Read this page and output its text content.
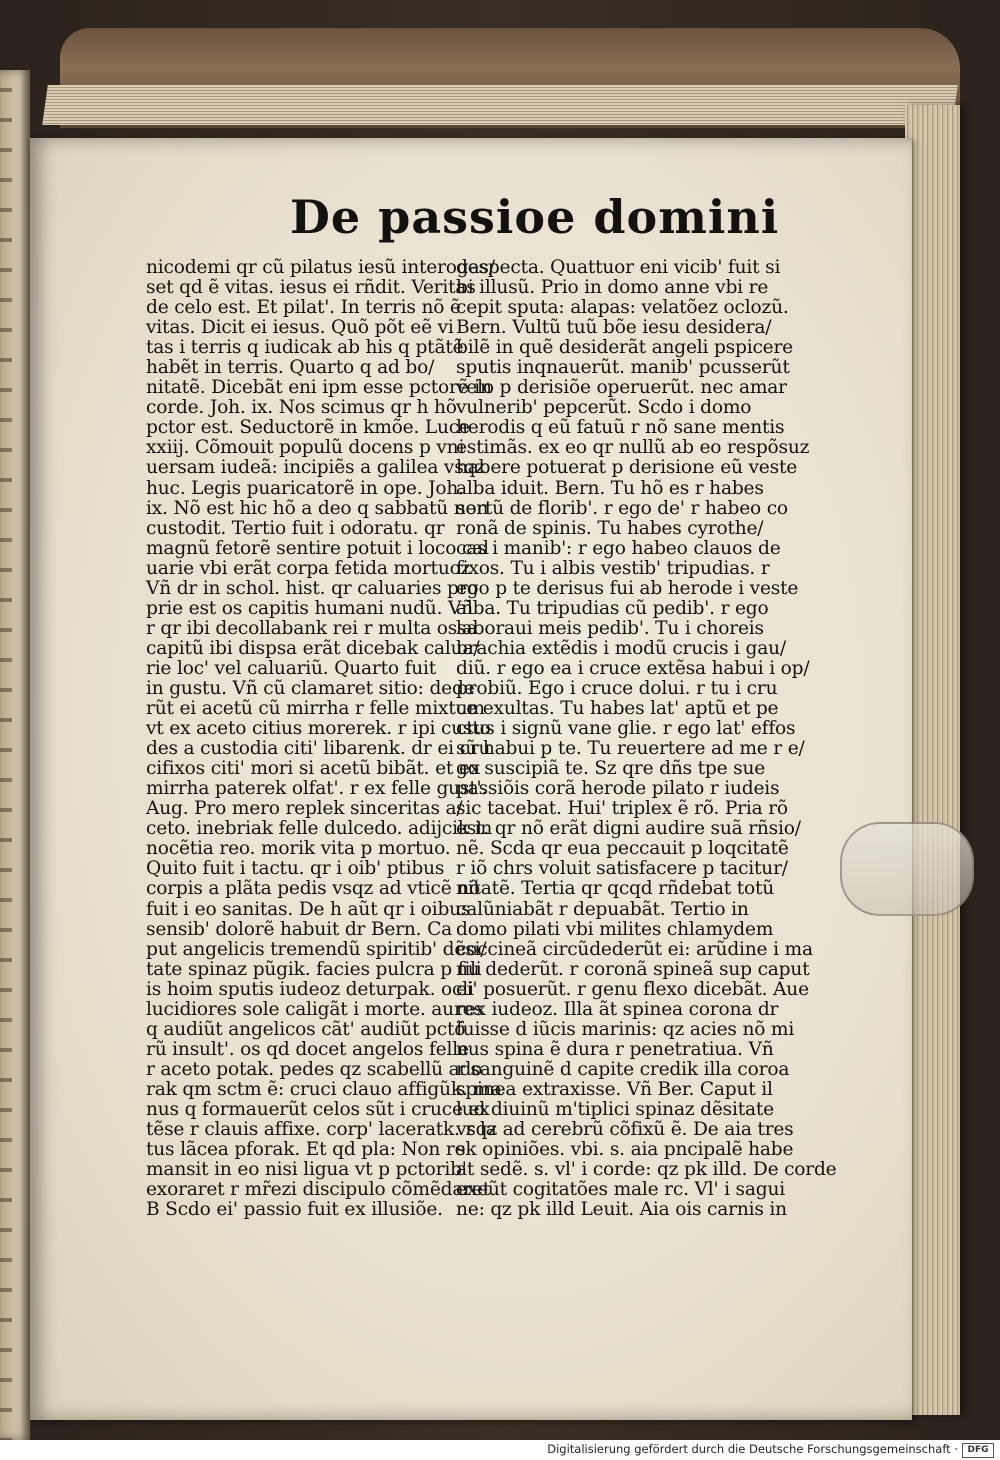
De passioe domini
nicodemi qr cũ pilatus iesũ interogas/
set qd ẽ vitas. iesus ei rñdit. Veritas
de celo est. Et pilat'. In terris nõ ẽ
vitas. Dicit ei iesus. Quõ põt eẽ vi
tas i terris q iudicak ab his q ptãtẽ
habẽt in terris. Quarto q ad bo/
nitatẽ. Dicebãt eni ipm esse pctorẽ in
corde. Joh. ix. Nos scimus qr h hõ
pctor est. Seductorẽ in kmõe. Luce
xxiij. Cõmouit populũ docens p vni
uersam iudeã: incipiẽs a galilea vsqz
huc. Legis puaricatorẽ in ope. Joh.
ix. Nõ est hic hõ a deo q sabbatũ non
custodit. Tertio fuit i odoratu. qr
magnũ fetorẽ sentire potuit i loco cal
uarie vbi erãt corpa fetida mortuoz
Vñ dr in schol. hist. qr caluaries pro
prie est os capitis humani nudũ. Vñ
r qr ibi decollabank rei r multa ossa
capitũ ibi dispsa erãt dicebak calua/
rie loc' vel caluariũ. Quarto fuit
in gustu. Vñ cũ clamaret sitio: dede
rũt ei acetũ cũ mirrha r felle mixtum
vt ex aceto citius morerek. r ipi custo
des a custodia citi' libarenk. dr ei cru
cifixos citi' mori si acetũ bibãt. et ex
mirrha paterek olfat'. r ex felle gust'.
Aug. Pro mero replek sinceritas a/
ceto. inebriak felle dulcedo. adijcik in
nocẽtia reo. morik vita p mortuo.
Quito fuit i tactu. qr i oib' ptibus
corpis a plãta pedis vsqz ad vticẽ nõ
fuit i eo sanitas. De h aũt qr i oibus
sensib' dolorẽ habuit dr Bern. Ca
put angelicis tremendũ spiritib' dẽsi/
tate spinaz pũgik. facies pulcra p fili
is hoim sputis iudeoz deturpak. ocli
lucidiores sole caligãt i morte. aures
q audiũt angelicos cãt' audiũt pctõ
rũ insult'. os qd docet angelos felle
r aceto potak. pedes qz scabellũ ado
rak qm sctm ẽ: cruci clauo affigũk. ma
nus q formauerũt celos sũt i cruce ex
tẽse r clauis affixe. corp' laceratk. r la
tus lãcea pforak. Et qd pla: Non re
mansit in eo nisi ligua vt p pctorib'
exoraret r mr̃ezi discipulo cõmẽdaret
B Scdo ei' passio fuit ex illusiõe.
despecta. Quattuor eni vicib' fuit si
bi illusũ. Prio in domo anne vbi re
cepit sputa: alapas: velatõez oclozũ.
Bern. Vultũ tuũ bõe iesu desidera/
bilẽ in quẽ desiderãt angeli pspicere
sputis inqnauerũt. manib' pcusserũt
velo p derisiõe operuerũt. nec amar
vulnerib' pepcerũt. Scdo i domo
herodis q eũ fatuũ r nõ sane mentis
estimãs. ex eo qr nullũ ab eo respõsuz
habere potuerat p derisione eũ veste
alba iduit. Bern. Tu hõ es r habes
sertũ de florib'. r ego de' r habeo co
ronã de spinis. Tu habes cyrothe/
cas i manib': r ego habeo clauos de
fixos. Tu i albis vestib' tripudias. r
ego p te derisus fui ab herode i veste
alba. Tu tripudias cũ pedib'. r ego
laboraui meis pedib'. Tu i choreis
brachia extẽdis i modũ crucis i gau/
diũ. r ego ea i cruce extẽsa habui i op/
probiũ. Ego i cruce dolui. r tu i cru
ce exultas. Tu habes lat' aptũ et pe
ctus i signũ vane glie. r ego lat' effos
sũ habui p te. Tu reuertere ad me r e/
go suscipiã te. Sz qre dñs tpe sue
passiõis corã herode pilato r iudeis
sic tacebat. Hui' triplex ẽ rõ. Pria rõ
est. qr nõ erãt digni audire suã rñsio/
nẽ. Scda qr eua peccauit p loqcitatẽ
r iõ chrs voluit satisfacere p tacitur/
nitatẽ. Tertia qr qcqd rñdebat totũ
calũniabãt r depuabãt. Tertio in
domo pilati vbi milites chlamydem
coccineã circũdederũt ei: arũdine i ma
nu dederũt. r coronã spineã sup caput
ei' posuerũt. r genu flexo dicebãt. Aue
rex iudeoz. Illa ãt spinea corona dr
fuisse d iũcis marinis: qz acies nõ mi
nus spina ẽ dura r penetratiua. Vñ
r sanguinẽ d capite credik illa coroa
spinea extraxisse. Vñ Ber. Caput il
lud diuinũ m'tiplici spinaz dẽsitate
vsqz ad cerebrũ cõfixũ ẽ. De aia tres
sk opiniões. vbi. s. aia pncipalẽ habe
at sedẽ. s. vl' i corde: qz pk illd. De corde
exeũt cogitatões male rc. Vl' i sagui
ne: qz pk illd Leuit. Aia ois carnis in
Digitalisierung gefördert durch die Deutsche Forschungsgemeinschaft ·	DFG
